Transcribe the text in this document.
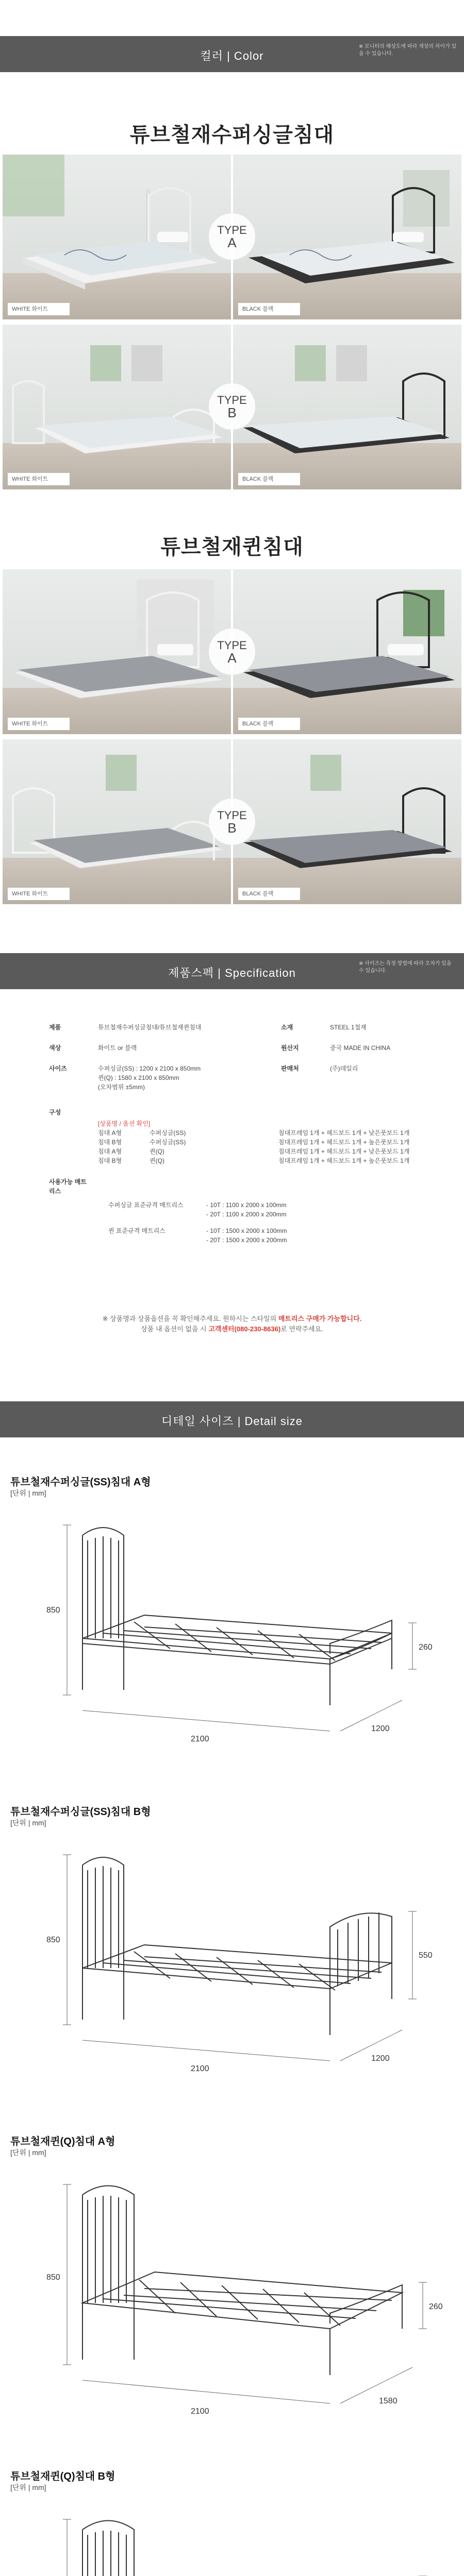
컬러 | Color
※ 모니터의 해상도에 따라 색상의 차이가 있을 수 있습니다.
튜브철재수퍼싱글침대
WHITE 화이트	BLACK 블랙
TYPE
A
WHITE 화이트	BLACK 블랙
TYPE
B
튜브철재퀸침대
WHITE 화이트	BLACK 블랙
TYPE
A
WHITE 화이트	BLACK 블랙
TYPE
B
제품스펙 | Specification
※ 사이즈는 측정 방법에 따라 오차가 있을 수 있습니다.
제품	튜브철재수퍼싱글침대/튜브철재퀸침대	소재	STEEL 1철재
색상	화이트 or 블랙	원산지	중국 MADE IN CHINA
사이즈	수퍼싱글(SS) : 1200 x 2100 x 850mm
퀸(Q) : 1580 x 2100 x 850mm
(오차범위 ±5mm)
판매처	(주)데일리
구성
[상품명 / 옵션 확인]
침대 A형	수퍼싱글(SS)	침대프레임 1개 + 헤드보드 1개 + 낮은풋보드 1개
침대 B형	수퍼싱글(SS)	침대프레임 1개 + 헤드보드 1개 + 높은풋보드 1개
침대 A형	퀸(Q)	침대프레임 1개 + 헤드보드 1개 + 낮은풋보드 1개
침대 B형	퀸(Q)	침대프레임 1개 + 헤드보드 1개 + 높은풋보드 1개
사용가능 매트리스
수퍼싱글 표준규격 매트리스	- 10T : 1100 x 2000 x 100mm
- 20T : 1100 x 2000 x 200mm
퀸 표준규격 매트리스	- 10T : 1500 x 2000 x 100mm
- 20T : 1500 x 2000 x 200mm
※ 상품명과 상품옵션을 꼭 확인해주세요. 원하시는 스타일의 매트리스 구매가 가능합니다.
상품 내 옵션이 없을 시 고객센터(080-230-8636)로 연락주세요.
디테일 사이즈 | Detail size
튜브철재수퍼싱글(SS)침대 A형
[단위 | mm]
850
260
2100
1200
튜브철재수퍼싱글(SS)침대 B형
[단위 | mm]
850
550
2100
1200
튜브철재퀸(Q)침대 A형
[단위 | mm]
850
260
2100
1580
튜브철재퀸(Q)침대 B형
[단위 | mm]
